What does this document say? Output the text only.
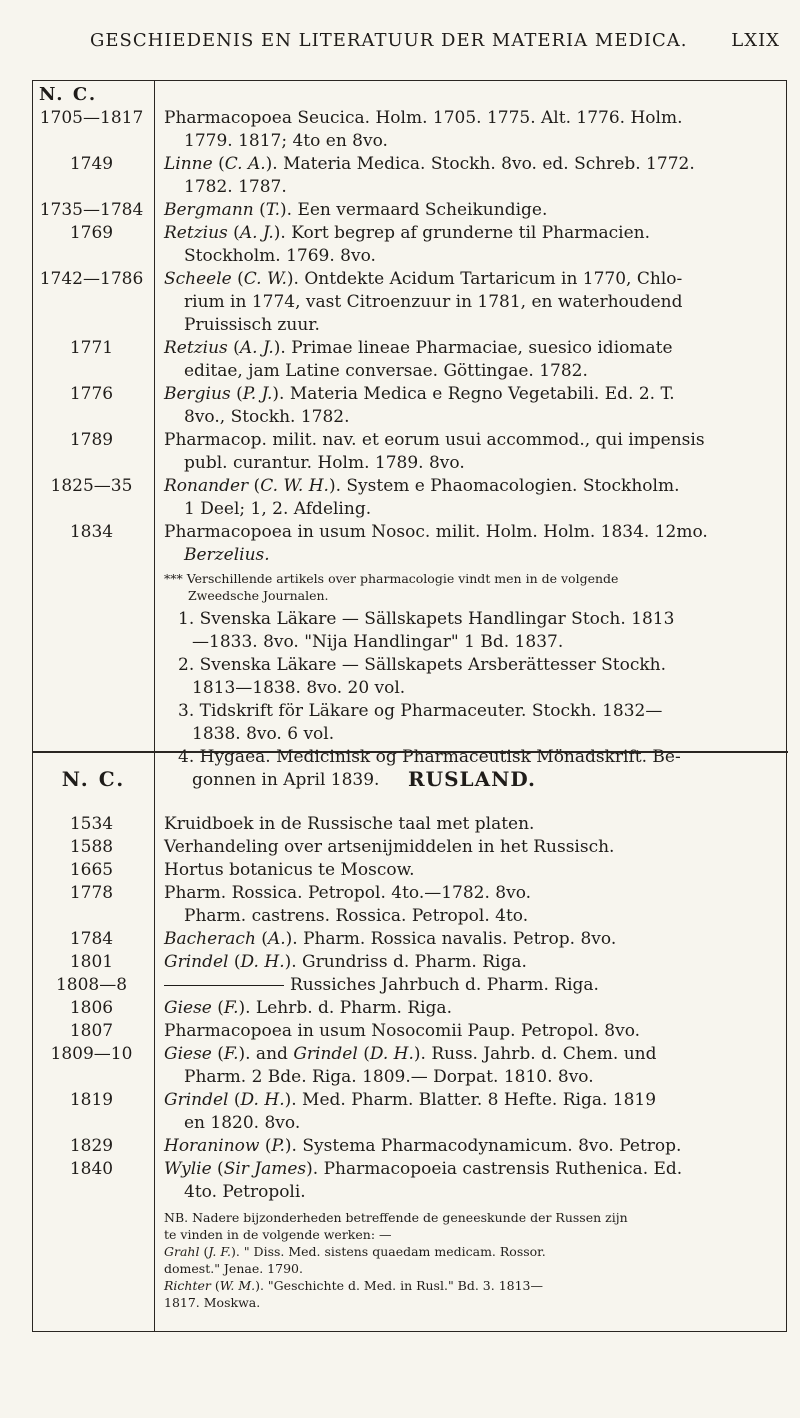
GESCHIEDENIS EN LITERATUUR DER MATERIA MEDICA. LXIX
N. C.
1705—1817
1749
1735—1784
1769
1742—1786
1771
1776
1789
1825—35
1834
Pharmacopoea Seucica. Holm. 1705. 1775. Alt. 1776. Holm.
1779. 1817; 4to en 8vo.
Linne (C. A.). Materia Medica. Stockh. 8vo. ed. Schreb. 1772.
1782. 1787.
Bergmann (T.). Een vermaard Scheikundige.
Retzius (A. J.). Kort begrep af grunderne til Pharmacien.
Stockholm. 1769. 8vo.
Scheele (C. W.). Ontdekte Acidum Tartaricum in 1770, Chlo-
rium in 1774, vast Citroenzuur in 1781, en waterhoudend
Pruissisch zuur.
Retzius (A. J.). Primae lineae Pharmaciae, suesico idiomate
editae, jam Latine conversae. Göttingae. 1782.
Bergius (P. J.). Materia Medica e Regno Vegetabili. Ed. 2. T.
8vo., Stockh. 1782.
Pharmacop. milit. nav. et eorum usui accommod., qui impensis
publ. curantur. Holm. 1789. 8vo.
Ronander (C. W. H.). System e Phaomacologien. Stockholm.
1 Deel; 1, 2. Afdeling.
Pharmacopoea in usum Nosoc. milit. Holm. Holm. 1834. 12mo.
Berzelius.
*** Verschillende artikels over pharmacologie vindt men in de volgende
Zweedsche Journalen.
1. Svenska Läkare — Sällskapets Handlingar Stoch. 1813
—1833. 8vo. "Nija Handlingar" 1 Bd. 1837.
2. Svenska Läkare — Sällskapets Arsberättesser Stockh.
1813—1838. 8vo. 20 vol.
3. Tidskrift för Läkare og Pharmaceuter. Stockh. 1832—
1838. 8vo. 6 vol.
4. Hygaea. Medicinisk og Pharmaceutisk Mönadskrift. Be-
gonnen in April 1839.
N. C.	RUSLAND.
1534
1588
1665
1778
1784
1801
1808—8
1806
1807
1809—10
1819
1829
1840
Kruidboek in de Russische taal met platen.
Verhandeling over artsenijmiddelen in het Russisch.
Hortus botanicus te Moscow.
Pharm. Rossica. Petropol. 4to.—1782. 8vo.
Pharm. castrens. Rossica. Petropol. 4to.
Bacherach (A.). Pharm. Rossica navalis. Petrop. 8vo.
Grindel (D. H.). Grundriss d. Pharm. Riga.
Russiches Jahrbuch d. Pharm. Riga.
Giese (F.). Lehrb. d. Pharm. Riga.
Pharmacopoea in usum Nosocomii Paup. Petropol. 8vo.
Giese (F.). and Grindel (D. H.). Russ. Jahrb. d. Chem. und
Pharm. 2 Bde. Riga. 1809.— Dorpat. 1810. 8vo.
Grindel (D. H.). Med. Pharm. Blatter. 8 Hefte. Riga. 1819
en 1820. 8vo.
Horaninow (P.). Systema Pharmacodynamicum. 8vo. Petrop.
Wylie (Sir James). Pharmacopoeia castrensis Ruthenica. Ed.
4to. Petropoli.
NB. Nadere bijzonderheden betreffende de geneeskunde der Russen zijn
te vinden in de volgende werken: —
Grahl (J. F.). " Diss. Med. sistens quaedam medicam. Rossor.
domest." Jenae. 1790.
Richter (W. M.). "Geschichte d. Med. in Rusl." Bd. 3. 1813—
1817. Moskwa.
